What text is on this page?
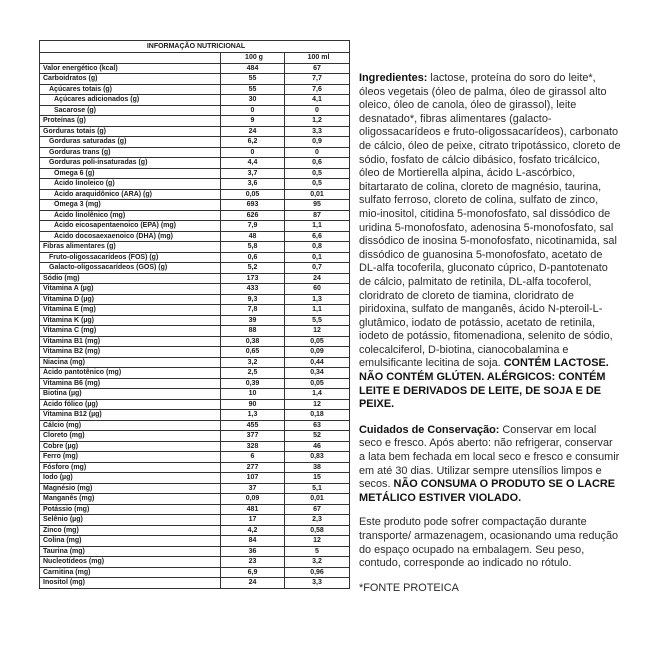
INFORMAÇÃO NUTRICIONAL		
	100 g	100 ml
Valor energético (kcal)	484	67
Carboidratos (g)	55	7,7
Açúcares totais (g)	55	7,6
Açúcares adicionados (g)	30	4,1
Sacarose (g)	0	0
Proteínas (g)	9	1,2
Gorduras totais (g)	24	3,3
Gorduras saturadas (g)	6,2	0,9
Gorduras trans (g)	0	0
Gorduras poli-insaturadas (g)	4,4	0,6
Ômega 6 (g)	3,7	0,5
Ácido linoleico (g)	3,6	0,5
Ácido araquidônico (ARA) (g)	0,05	0,01
Ômega 3 (mg)	693	95
Ácido linolênico (mg)	626	87
Ácido eicosapentaenoico (EPA) (mg)	7,9	1,1
Ácido docosaexaenoico (DHA) (mg)	48	6,6
Fibras alimentares (g)	5,8	0,8
Fruto-oligossacarídeos (FOS) (g)	0,6	0,1
Galacto-oligossacarídeos (GOS) (g)	5,2	0,7
Sódio (mg)	173	24
Vitamina A (µg)	433	60
Vitamina D (µg)	9,3	1,3
Vitamina E (mg)	7,8	1,1
Vitamina K (µg)	39	5,5
Vitamina C (mg)	88	12
Vitamina B1 (mg)	0,38	0,05
Vitamina B2 (mg)	0,65	0,09
Niacina (mg)	3,2	0,44
Ácido pantotênico (mg)	2,5	0,34
Vitamina B6 (mg)	0,39	0,05
Biotina (µg)	10	1,4
Ácido fólico (µg)	90	12
Vitamina B12 (µg)	1,3	0,18
Cálcio (mg)	455	63
Cloreto (mg)	377	52
Cobre (µg)	328	46
Ferro (mg)	6	0,83
Fósforo (mg)	277	38
Iodo (µg)	107	15
Magnésio (mg)	37	5,1
Manganês (mg)	0,09	0,01
Potássio (mg)	481	67
Selênio (µg)	17	2,3
Zinco (mg)	4,2	0,58
Colina (mg)	84	12
Taurina (mg)	36	5
Nucleotídeos (mg)	23	3,2
Carnitina (mg)	6,9	0,96
Inositol (mg)	24	3,3

Ingredientes: lactose, proteína do soro do leite*, óleos vegetais (óleo de palma, óleo de girassol alto oleico, óleo de canola, óleo de girassol), leite desnatado*, fibras alimentares (galacto-oligossacarídeos e fruto-oligossacarídeos), carbonato de cálcio, óleo de peixe, citrato tripotássico, cloreto de sódio, fosfato de cálcio dibásico, fosfato tricálcico, óleo de Mortierella alpina, ácido L-ascórbico, bitartarato de colina, cloreto de magnésio, taurina, sulfato ferroso, cloreto de colina, sulfato de zinco, mio-inositol, citidina 5-monofosfato, sal dissódico de uridina 5-monofosfato, adenosina 5-monofosfato, sal dissódico de inosina 5-monofosfato, nicotinamida, sal dissódico de guanosina 5-monofosfato, acetato de DL-alfa tocoferila, gluconato cúprico, D-pantotenato de cálcio, palmitato de retinila, DL-alfa tocoferol, cloridrato de cloreto de tiamina, cloridrato de piridoxina, sulfato de manganês, ácido N-pteroil-L-glutâmico, iodato de potássio, acetato de retinila, iodeto de potássio, fitomenadiona, selenito de sódio, colecalciferol, D-biotina, cianocobalamina e emulsificante lecitina de soja. CONTÉM LACTOSE. NÃO CONTÉM GLÚTEN. ALÉRGICOS: CONTÉM LEITE E DERIVADOS DE LEITE, DE SOJA E DE PEIXE.

Cuidados de Conservação: Conservar em local seco e fresco. Após aberto: não refrigerar, conservar a lata bem fechada em local seco e fresco e consumir em até 30 dias. Utilizar sempre utensílios limpos e secos. NÃO CONSUMA O PRODUTO SE O LACRE METÁLICO ESTIVER VIOLADO.

Este produto pode sofrer compactação durante transporte/ armazenagem, ocasionando uma redução do espaço ocupado na embalagem. Seu peso, contudo, corresponde ao indicado no rótulo.

*FONTE PROTEICA
